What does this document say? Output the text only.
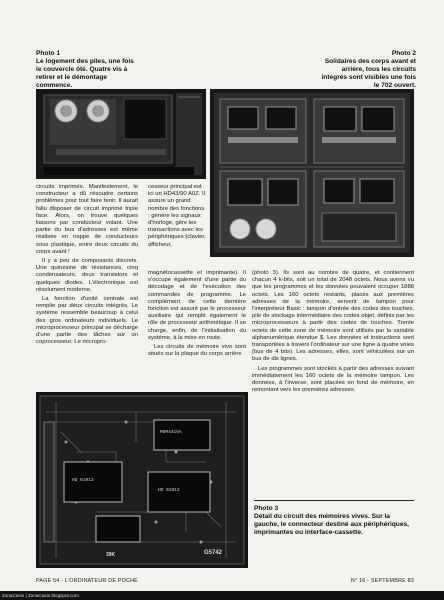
Photo 1
Le logement des piles, une fois le couvercle ôté. Quatre vis à retirer et le démontage commence.
Photo 2
Solidaires des corps avant et arrière, tous les circuits intégrés sont visibles une fois le 702 ouvert.

circuits imprimés. Manifestement, le constructeur a dû résoudre certains problèmes pour tout faire tenir. Il aurait fallu disposer de circuit imprimé triple face. Alors, on trouve quelques liaisons par conducteur volant. Une partie du bus d'adresses est même réalisée en nappe de conducteurs sous plastique, entre deux circuits du corps avant !

Il y a peu de composants discrets. Une quinzaine de résistances, cinq condensateurs, deux transistors et quelques diodes. L'électronique est résolument moderne.

La fonction d'unité centrale est remplie par deux circuits intégrés. Le système ressemble beaucoup à celui des gros ordinateurs individuels. Le microprocesseur principal se décharge d'une partie des tâches sur un coprocesseur. Le micropro-

cesseur principal est ici un HD43/90 A0Z. Il assure un grand nombre des fonctions : génère les signaux d'horloge, gère les transactions avec les périphériques (clavier, afficheur,

magnétocassette et imprimante). Il s'occupe également d'une partie du décodage et de l'exécution des commandes de programme. Le complément de cette dernière fonction est assuré par le processeur auxiliaire qui remplit également le rôle de processeur arithmétique. Il se charge, enfin, de l'initialisation du système, à la mise en route.

Les circuits de mémoire vive sont situés sur la plaque du corps arrière

(photo 3). Ils sont au nombre de quatre, et contiennent chacun 4 k-bits, soit un total de 2048 octets. Nous avons vu que les programmes et les données pouvaient occuper 1888 octets. Les 160 octets restants, placés aux premières adresses de la mémoire, servent de tampon pour l'interpréteur Basic : tampon d'entrée des codes des touches, pile de stockage intermédiaire des codes objet, définis par les microprocesseurs à partir des codes de touches. Trente octets de cette zone de mémoire sont utilisés par la variable alphanumérique étendue $. Les données et instructions sont transportées à travers l'ordinateur sur une ligne à quatre voies (bus de 4 bits). Les adresses, elles, sont véhiculées sur un bus de dix lignes.

Les programmes sont stockés à partir des adresses suivant immédiatement les 160 octets de la mémoire tampon. Les données, à l'inverse, sont placées en fond de mémoire, en remontant vers les premières adresses.

M5M4416A
HD 61913
HD 61913
39K	G5742
Photo 3
Détail du circuit des mémoires vives. Sur la gauche, le connecteur destiné aux périphériques, imprimantes ou interface-cassette.
PAGE 54 - L'ORDINATEUR DE POCHE	N° 16 - SEPTEMBRE 83
ZonaCasio | ZonaCasio.blogspot.com
